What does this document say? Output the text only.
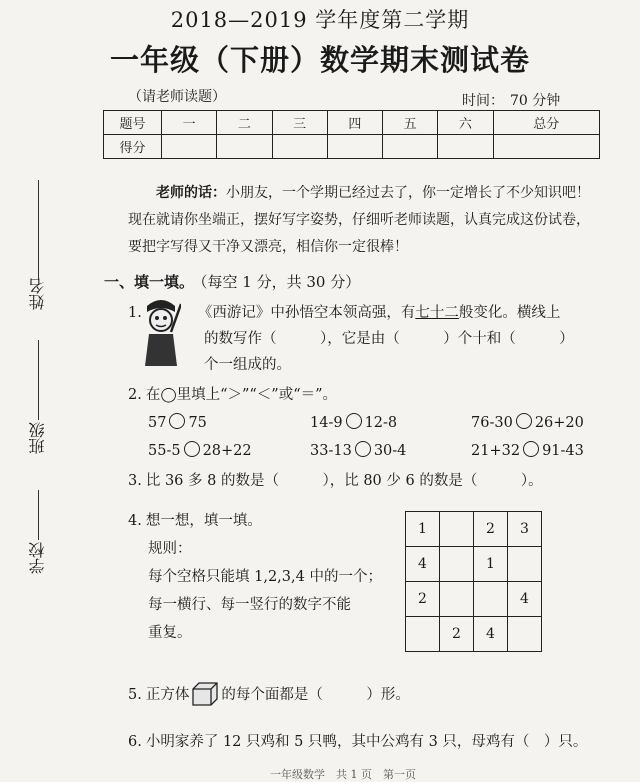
2018—2019 学年度第二学期
一年级（下册）数学期末测试卷
（请老师读题）	时间： 70 分钟
题号	一	二	三	四	五	六	总分
得分							
姓名
班级
学校
老师的话：小朋友，一个学期已经过去了，你一定增长了不少知识吧！现在就请你坐端正，摆好写字姿势，仔细听老师读题，认真完成这份试卷，要把字写得又干净又漂亮，相信你一定很棒！
一、填一填。 （每空 1 分，共 30 分）
1.	《西游记》中孙悟空本领高强，有七十二般变化。横线上
的数写作（　　　），它是由（　　　）个十和（　　　）
个一组成的。
2. 在◯里填上“＞”“＜”或“＝”。
57 75	14-9 12-8	76-30 26+20
55-5 28+22	33-13 30-4	21+32 91-43
3. 比 36 多 8 的数是（　　　），比 80 少 6 的数是（　　　）。
4. 想一想，填一填。
规则：
每个空格只能填 1,2,3,4 中的一个；
每一横行、每一竖行的数字不能
重复。
1		2	3
4		1	
2			4
	2	4	
5. 正方体 的每个面都是（　　　）形。
6. 小明家养了 12 只鸡和 5 只鸭，其中公鸡有 3 只，母鸡有（　）只。
一年级数学　共 1 页　第一页
